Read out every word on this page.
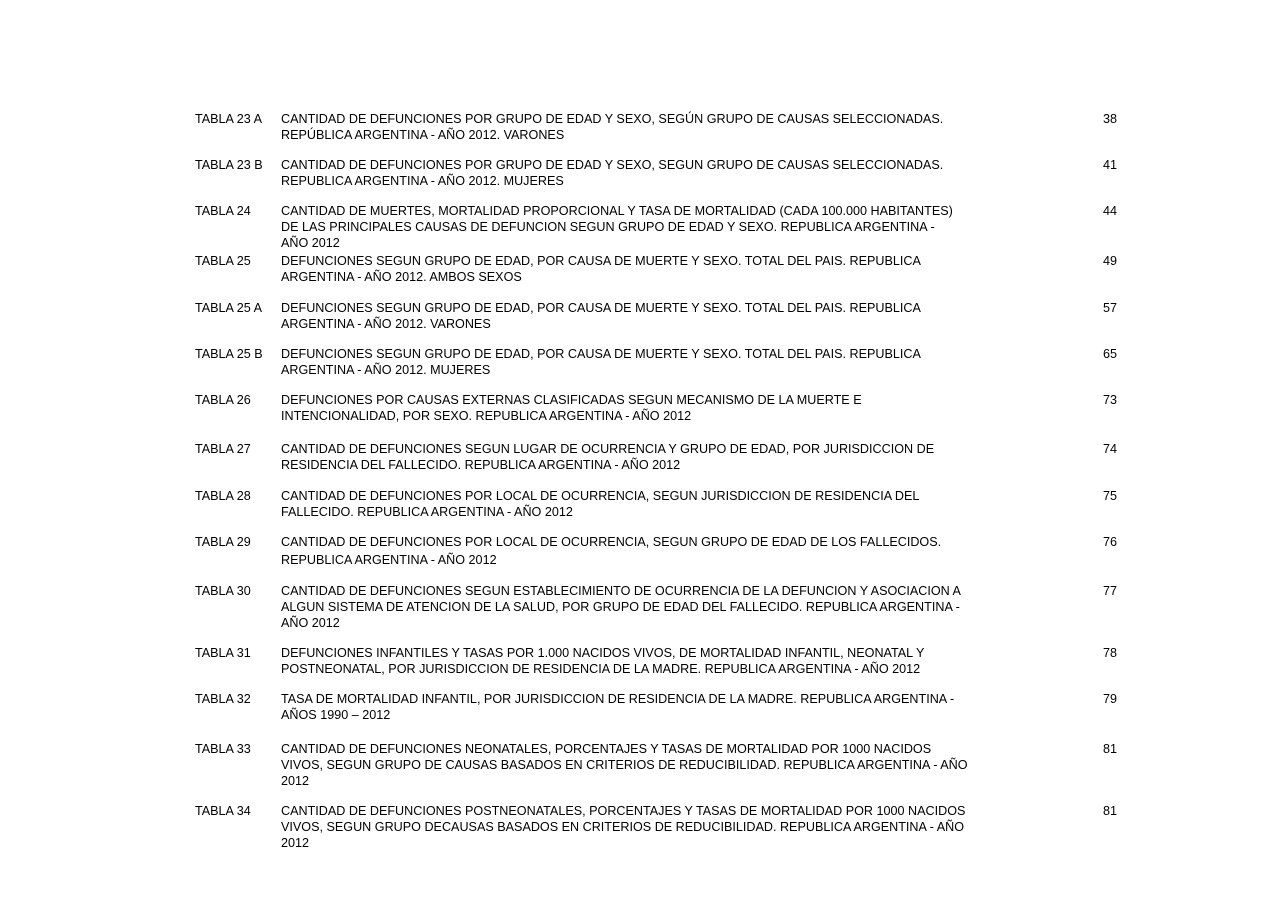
TABLA 23 A CANTIDAD DE DEFUNCIONES POR GRUPO DE EDAD Y SEXO, SEGÚN GRUPO DE CAUSAS SELECCIONADAS.
REPÚBLICA ARGENTINA - AÑO 2012. VARONES
38
TABLA 23 B CANTIDAD DE DEFUNCIONES POR GRUPO DE EDAD Y SEXO, SEGUN GRUPO DE CAUSAS SELECCIONADAS.
REPUBLICA ARGENTINA - AÑO 2012. MUJERES
41
TABLA 24 CANTIDAD DE MUERTES, MORTALIDAD PROPORCIONAL Y TASA DE MORTALIDAD (CADA 100.000 HABITANTES)
DE LAS PRINCIPALES CAUSAS DE DEFUNCION SEGUN GRUPO DE EDAD Y SEXO. REPUBLICA ARGENTINA -
AÑO 2012
44
TABLA 25 DEFUNCIONES SEGUN GRUPO DE EDAD, POR CAUSA DE MUERTE Y SEXO. TOTAL DEL PAIS. REPUBLICA
ARGENTINA - AÑO 2012. AMBOS SEXOS
49
TABLA 25 A DEFUNCIONES SEGUN GRUPO DE EDAD, POR CAUSA DE MUERTE Y SEXO. TOTAL DEL PAIS. REPUBLICA
ARGENTINA - AÑO 2012. VARONES
57
TABLA 25 B DEFUNCIONES SEGUN GRUPO DE EDAD, POR CAUSA DE MUERTE Y SEXO. TOTAL DEL PAIS. REPUBLICA
ARGENTINA - AÑO 2012. MUJERES
65
TABLA 26 DEFUNCIONES POR CAUSAS EXTERNAS CLASIFICADAS SEGUN MECANISMO DE LA MUERTE E
INTENCIONALIDAD, POR SEXO. REPUBLICA ARGENTINA - AÑO 2012
73
TABLA 27 CANTIDAD DE DEFUNCIONES SEGUN LUGAR DE OCURRENCIA Y GRUPO DE EDAD, POR JURISDICCION DE
RESIDENCIA DEL FALLECIDO. REPUBLICA ARGENTINA - AÑO 2012
74
TABLA 28 CANTIDAD DE DEFUNCIONES POR LOCAL DE OCURRENCIA, SEGUN JURISDICCION DE RESIDENCIA DEL
FALLECIDO. REPUBLICA ARGENTINA - AÑO 2012
75
TABLA 29 CANTIDAD DE DEFUNCIONES POR LOCAL DE OCURRENCIA, SEGUN GRUPO DE EDAD DE LOS FALLECIDOS.
REPUBLICA ARGENTINA - AÑO 2012
76
TABLA 30 CANTIDAD DE DEFUNCIONES SEGUN ESTABLECIMIENTO DE OCURRENCIA DE LA DEFUNCION Y ASOCIACION A
ALGUN SISTEMA DE ATENCION DE LA SALUD, POR GRUPO DE EDAD DEL FALLECIDO. REPUBLICA ARGENTINA -
AÑO 2012
77
TABLA 31 DEFUNCIONES INFANTILES Y TASAS POR 1.000 NACIDOS VIVOS, DE MORTALIDAD INFANTIL, NEONATAL Y
POSTNEONATAL, POR JURISDICCION DE RESIDENCIA DE LA MADRE. REPUBLICA ARGENTINA - AÑO 2012
78
TABLA 32 TASA DE MORTALIDAD INFANTIL, POR JURISDICCION DE RESIDENCIA DE LA MADRE. REPUBLICA ARGENTINA -
AÑOS 1990 – 2012
79
TABLA 33 CANTIDAD DE DEFUNCIONES NEONATALES, PORCENTAJES Y TASAS DE MORTALIDAD POR 1000 NACIDOS
VIVOS, SEGUN GRUPO DE CAUSAS BASADOS EN CRITERIOS DE REDUCIBILIDAD. REPUBLICA ARGENTINA - AÑO
2012
81
TABLA 34 CANTIDAD DE DEFUNCIONES POSTNEONATALES, PORCENTAJES Y TASAS DE MORTALIDAD POR 1000 NACIDOS
VIVOS, SEGUN GRUPO DECAUSAS BASADOS EN CRITERIOS DE REDUCIBILIDAD. REPUBLICA ARGENTINA - AÑO
2012
81
